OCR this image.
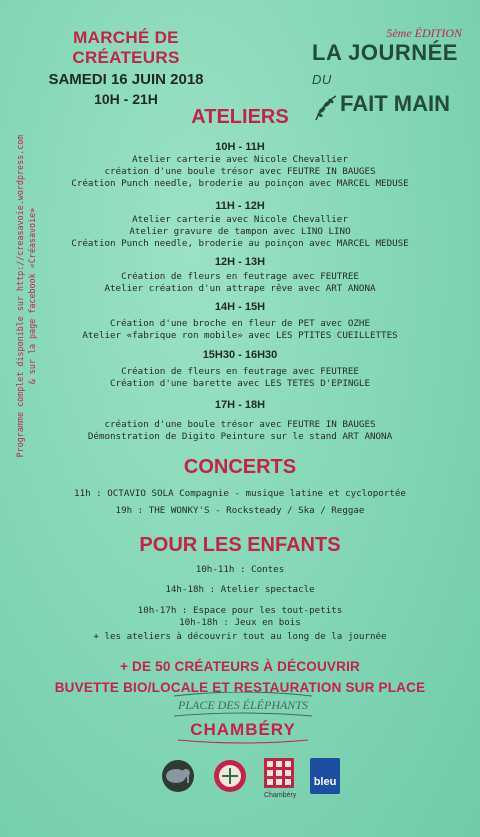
MARCHÉ DE CRÉATEURS
SAMEDI 16 JUIN 2018
10H - 21H
5ème ÉDITION
LA JOURNÉE DU
FAIT MAIN
Programme complet disponible sur http://creasavoie.wordpress.com & sur la page facebook «Créasavoie»
ATELIERS
10H - 11H
Atelier carterie avec Nicole Chevallier
création d'une boule trésor avec FEUTRE IN BAUGES
Création Punch needle, broderie au poinçon avec MARCEL MEDUSE
11H - 12H
Atelier carterie avec Nicole Chevallier
Atelier gravure de tampon avec LINO LINO
Création Punch needle, broderie au poinçon avec MARCEL MEDUSE
12H - 13H
Création de fleurs en feutrage avec FEUTREE
Atelier création d'un attrape rêve avec ART ANONA
14H - 15H
Création d'une broche en fleur de PET avec OZHE
Atelier «fabrique ron mobile» avec LES PTITES CUEILLETTES
15H30 - 16H30
Création de fleurs en feutrage avec FEUTREE
Création d'une barette avec LES TETES D'EPINGLE
17H - 18H
création d'une boule trésor avec FEUTRE IN BAUGES
Démonstration de Digito Peinture sur le stand ART ANONA
CONCERTS
11h : OCTAVIO SOLA Compagnie - musique latine et cycloportée
19h : THE WONKY'S - Rocksteady / Ska / Reggae
POUR LES ENFANTS
10h-11h : Contes
14h-18h : Atelier spectacle
10h-17h : Espace pour les tout-petits
10h-18h : Jeux en bois
+ les ateliers à découvrir tout au long de la journée
+ DE 50 CRÉATEURS À DÉCOUVRIR
BUVETTE BIO/LOCALE ET RESTAURATION SUR PLACE
PLACE DES ÉLÉPHANTS
CHAMBÉRY
Chambéry
bleu
